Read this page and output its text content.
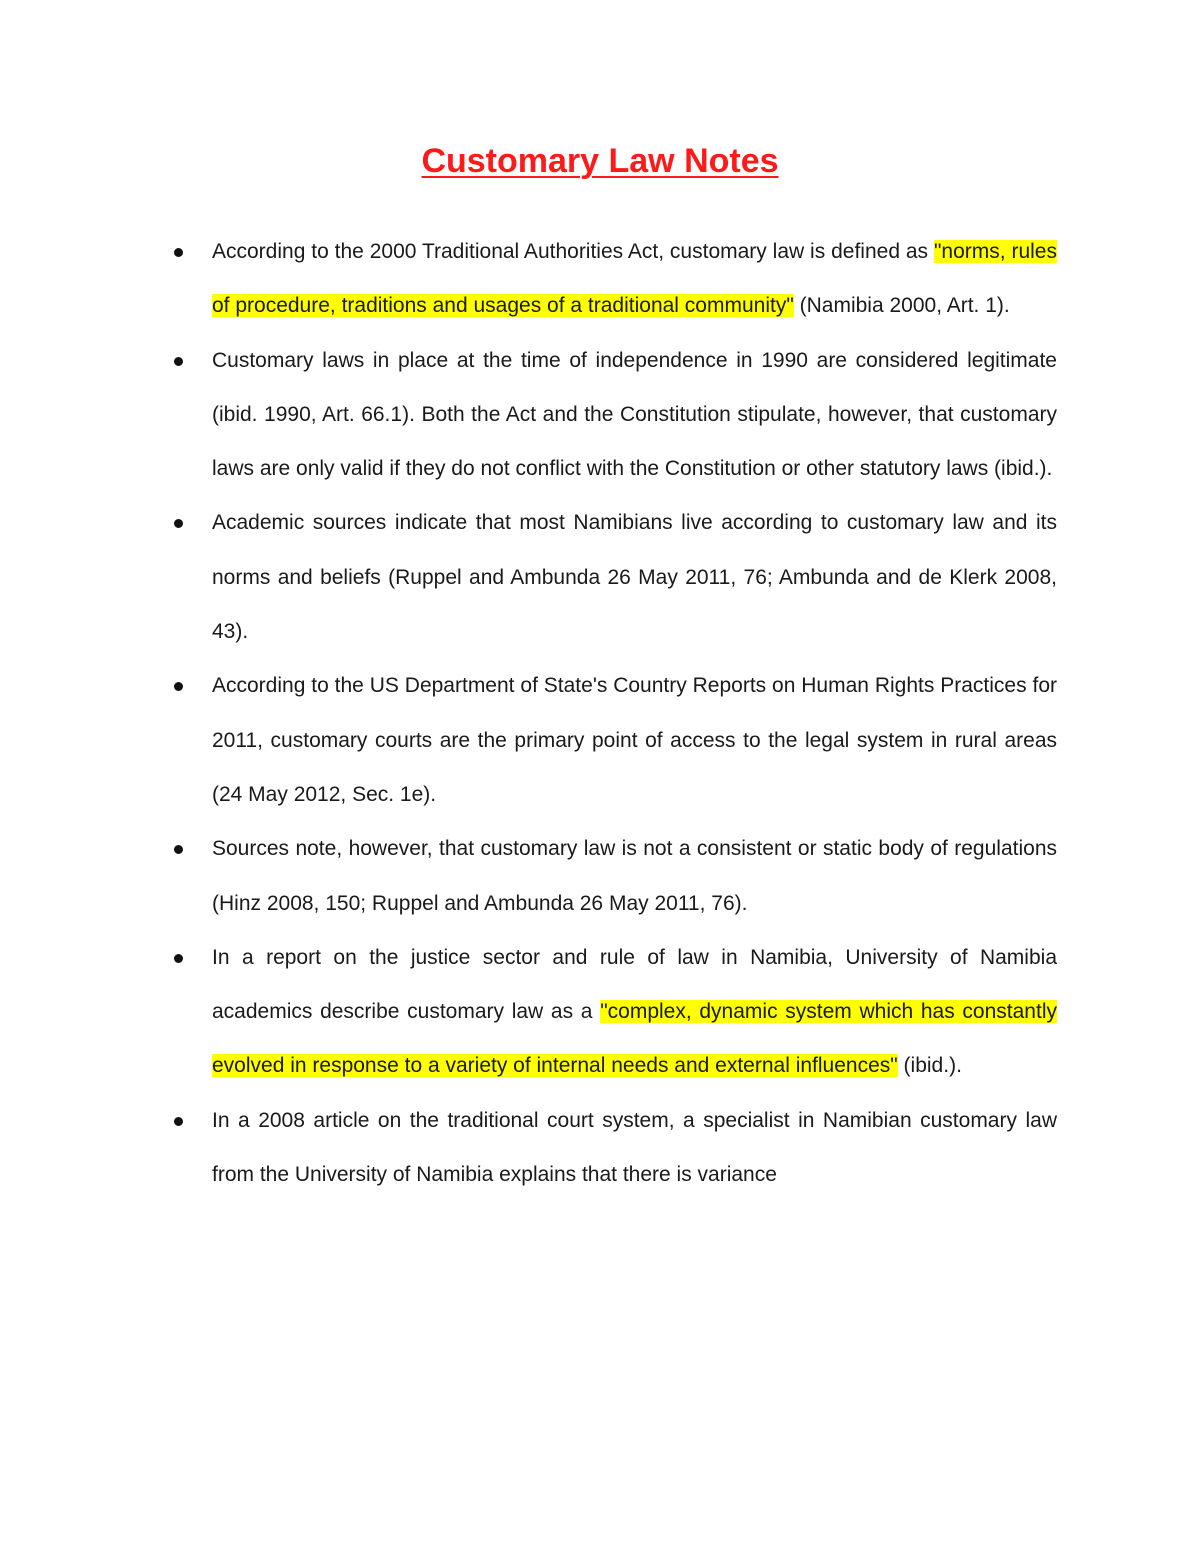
Customary Law Notes
According to the 2000 Traditional Authorities Act, customary law is defined as "norms, rules of procedure, traditions and usages of a traditional community" (Namibia 2000, Art. 1).
Customary laws in place at the time of independence in 1990 are considered legitimate (ibid. 1990, Art. 66.1). Both the Act and the Constitution stipulate, however, that customary laws are only valid if they do not conflict with the Constitution or other statutory laws (ibid.).
Academic sources indicate that most Namibians live according to customary law and its norms and beliefs (Ruppel and Ambunda 26 May 2011, 76; Ambunda and de Klerk 2008, 43).
According to the US Department of State's Country Reports on Human Rights Practices for 2011, customary courts are the primary point of access to the legal system in rural areas (24 May 2012, Sec. 1e).
Sources note, however, that customary law is not a consistent or static body of regulations (Hinz 2008, 150; Ruppel and Ambunda 26 May 2011, 76).
In a report on the justice sector and rule of law in Namibia, University of Namibia academics describe customary law as a "complex, dynamic system which has constantly evolved in response to a variety of internal needs and external influences" (ibid.).
In a 2008 article on the traditional court system, a specialist in Namibian customary law from the University of Namibia explains that there is variance
